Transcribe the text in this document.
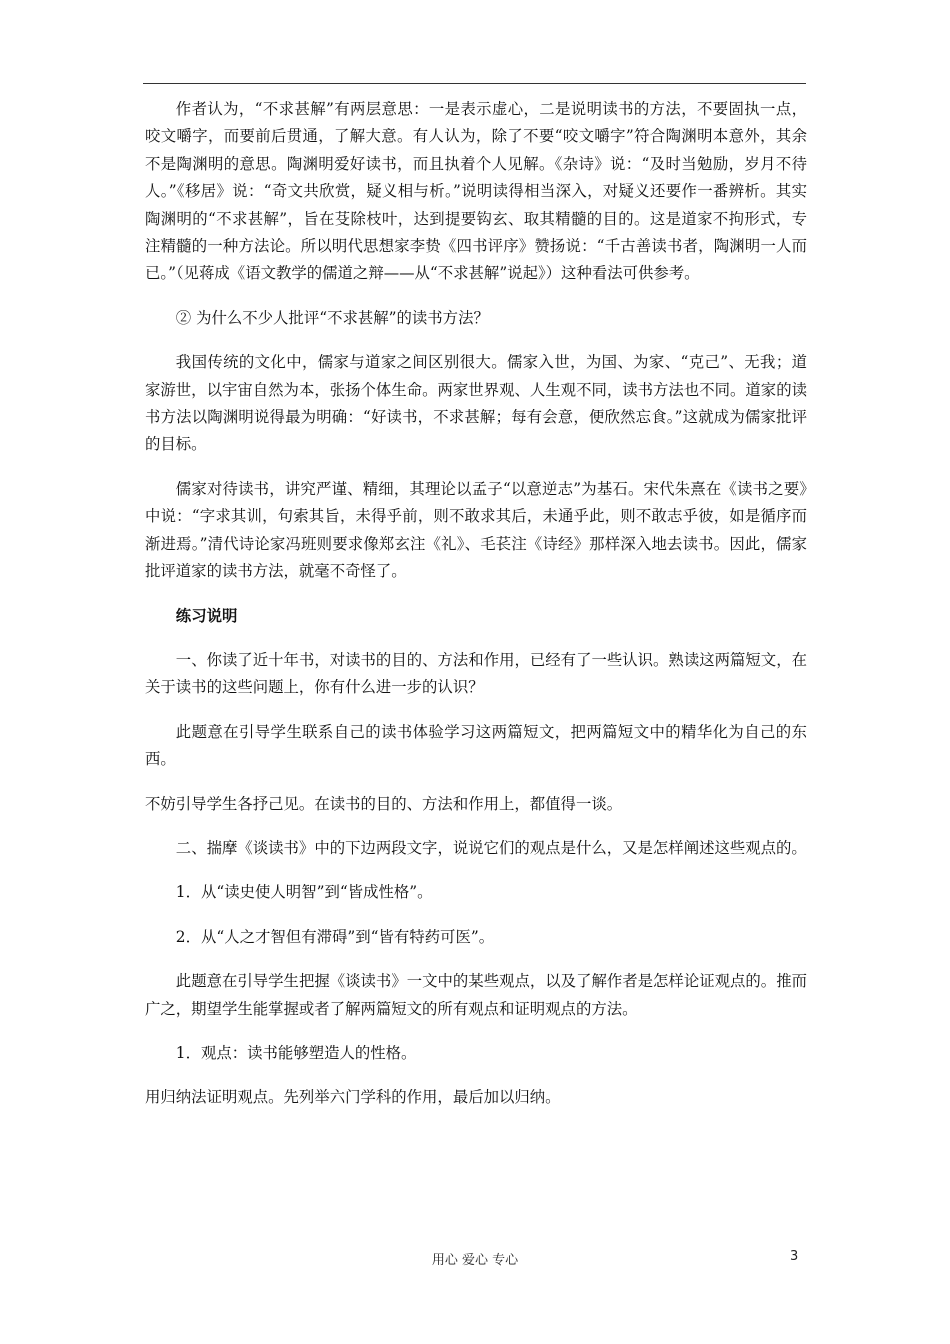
作者认为，“不求甚解”有两层意思：一是表示虚心，二是说明读书的方法，不要固执一点，咬文嚼字，而要前后贯通，了解大意。有人认为，除了不要“咬文嚼字”符合陶渊明本意外，其余不是陶渊明的意思。陶渊明爱好读书，而且执着个人见解。《杂诗》说：“及时当勉励，岁月不待人。”《移居》说：“奇文共欣赏，疑义相与析。”说明读得相当深入，对疑义还要作一番辨析。其实陶渊明的“不求甚解”，旨在芟除枝叶，达到提要钩玄、取其精髓的目的。这是道家不拘形式，专注精髓的一种方法论。所以明代思想家李贽《四书评序》赞扬说：“千古善读书者，陶渊明一人而已。”（见蒋成《语文教学的儒道之辩——从“不求甚解”说起》）这种看法可供参考。

② 为什么不少人批评“不求甚解”的读书方法？

我国传统的文化中，儒家与道家之间区别很大。儒家入世，为国、为家、“克己”、无我；道家游世，以宇宙自然为本，张扬个体生命。两家世界观、人生观不同，读书方法也不同。道家的读书方法以陶渊明说得最为明确：“好读书，不求甚解；每有会意，便欣然忘食。”这就成为儒家批评的目标。

儒家对待读书，讲究严谨、精细，其理论以孟子“以意逆志”为基石。宋代朱熹在《读书之要》中说：“字求其训，句索其旨，未得乎前，则不敢求其后，未通乎此，则不敢志乎彼，如是循序而渐进焉。”清代诗论家冯班则要求像郑玄注《礼》、毛苌注《诗经》那样深入地去读书。因此，儒家批评道家的读书方法，就毫不奇怪了。

练习说明

一、你读了近十年书，对读书的目的、方法和作用，已经有了一些认识。熟读这两篇短文，在关于读书的这些问题上，你有什么进一步的认识？

此题意在引导学生联系自己的读书体验学习这两篇短文，把两篇短文中的精华化为自己的东西。

不妨引导学生各抒己见。在读书的目的、方法和作用上，都值得一谈。

二、揣摩《谈读书》中的下边两段文字，说说它们的观点是什么，又是怎样阐述这些观点的。

1．从“读史使人明智”到“皆成性格”。

2．从“人之才智但有滞碍”到“皆有特药可医”。

此题意在引导学生把握《谈读书》一文中的某些观点，以及了解作者是怎样论证观点的。推而广之，期望学生能掌握或者了解两篇短文的所有观点和证明观点的方法。

1．观点：读书能够塑造人的性格。

用归纳法证明观点。先列举六门学科的作用，最后加以归纳。

用心 爱心 专心	3
